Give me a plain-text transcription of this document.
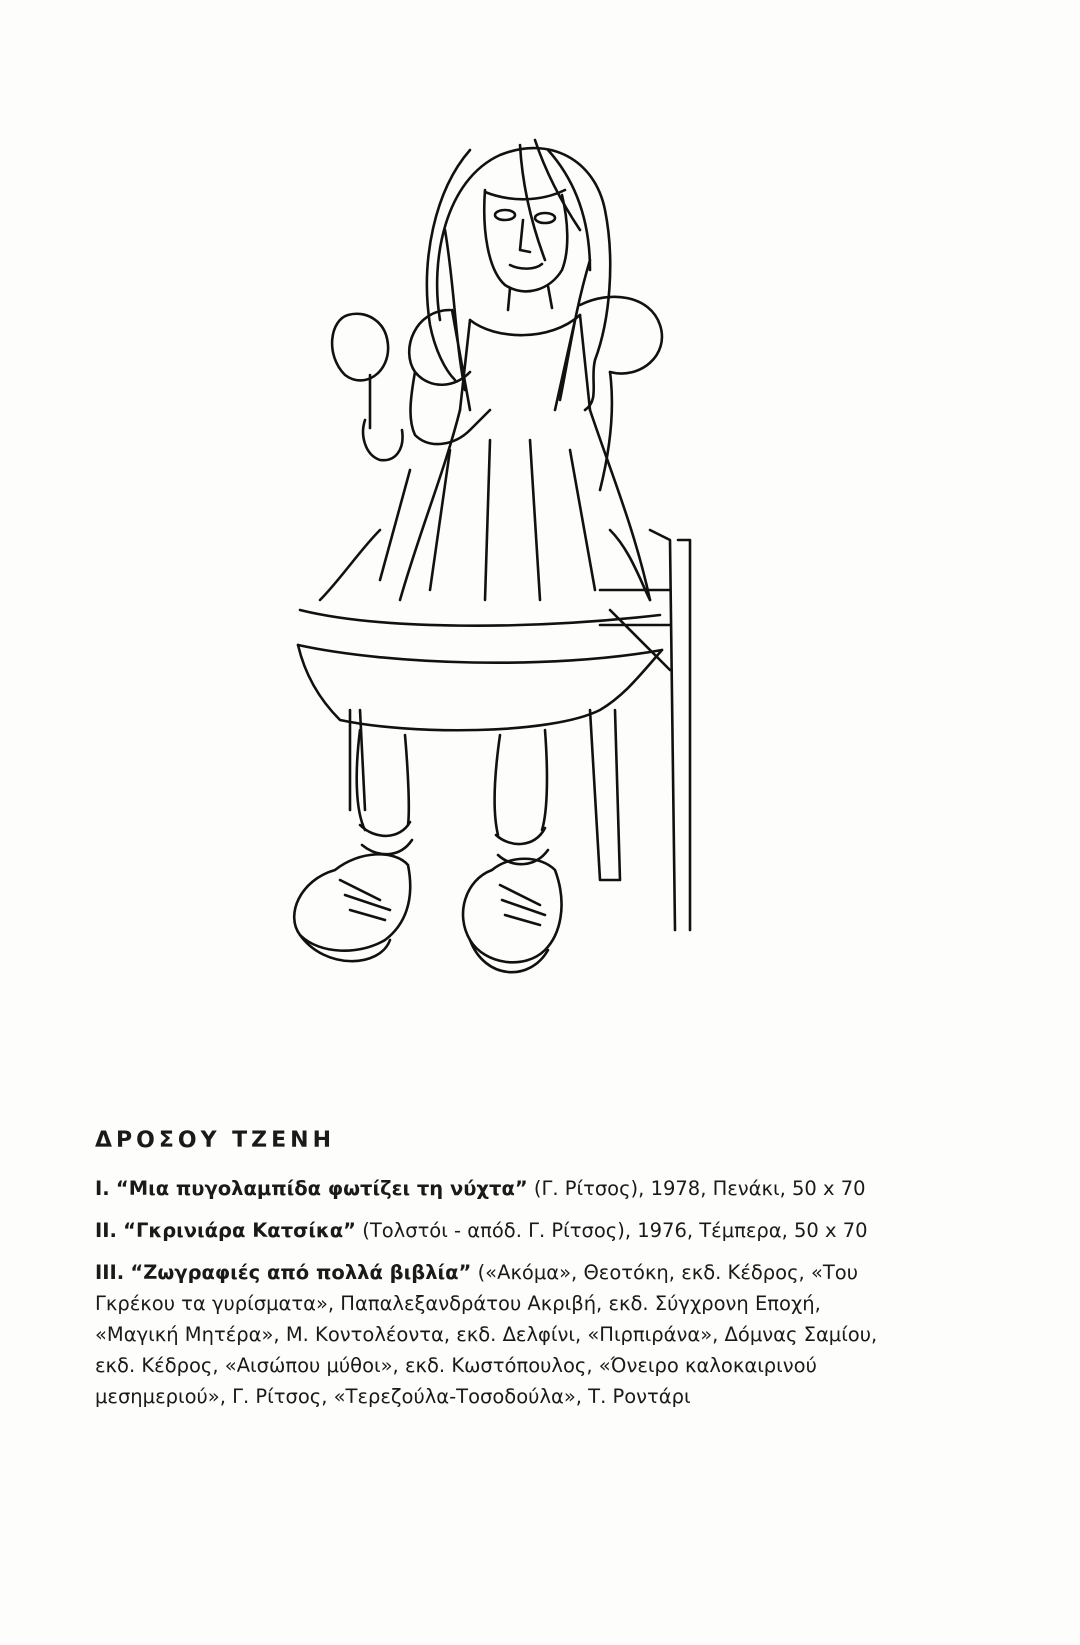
ΔΡΟΣΟΥ ΤΖΕΝΗ
I. “Μια πυγολαμπίδα φωτίζει τη νύχτα” (Γ. Ρίτσος), 1978, Πενάκι, 50 x 70
II. “Γκρινιάρα Κατσίκα” (Τολστόι - απόδ. Γ. Ρίτσος), 1976, Τέμπερα, 50 x 70
III. “Ζωγραφιές από πολλά βιβλία” («Ακόμα», Θεοτόκη, εκδ. Κέδρος, «Του Γκρέκου τα γυρίσματα», Παπαλεξανδράτου Ακριβή, εκδ. Σύγχρονη Εποχή, «Μαγική Μητέρα», Μ. Κοντολέοντα, εκδ. Δελφίνι, «Πιρπιράνα», Δόμνας Σαμίου, εκδ. Κέδρος, «Αισώπου μύθοι», εκδ. Κωστόπουλος, «Όνειρο καλοκαιρινού μεσημεριού», Γ. Ρίτσος, «Τερεζούλα-Τοσοδούλα», Τ. Ρoντάρι
